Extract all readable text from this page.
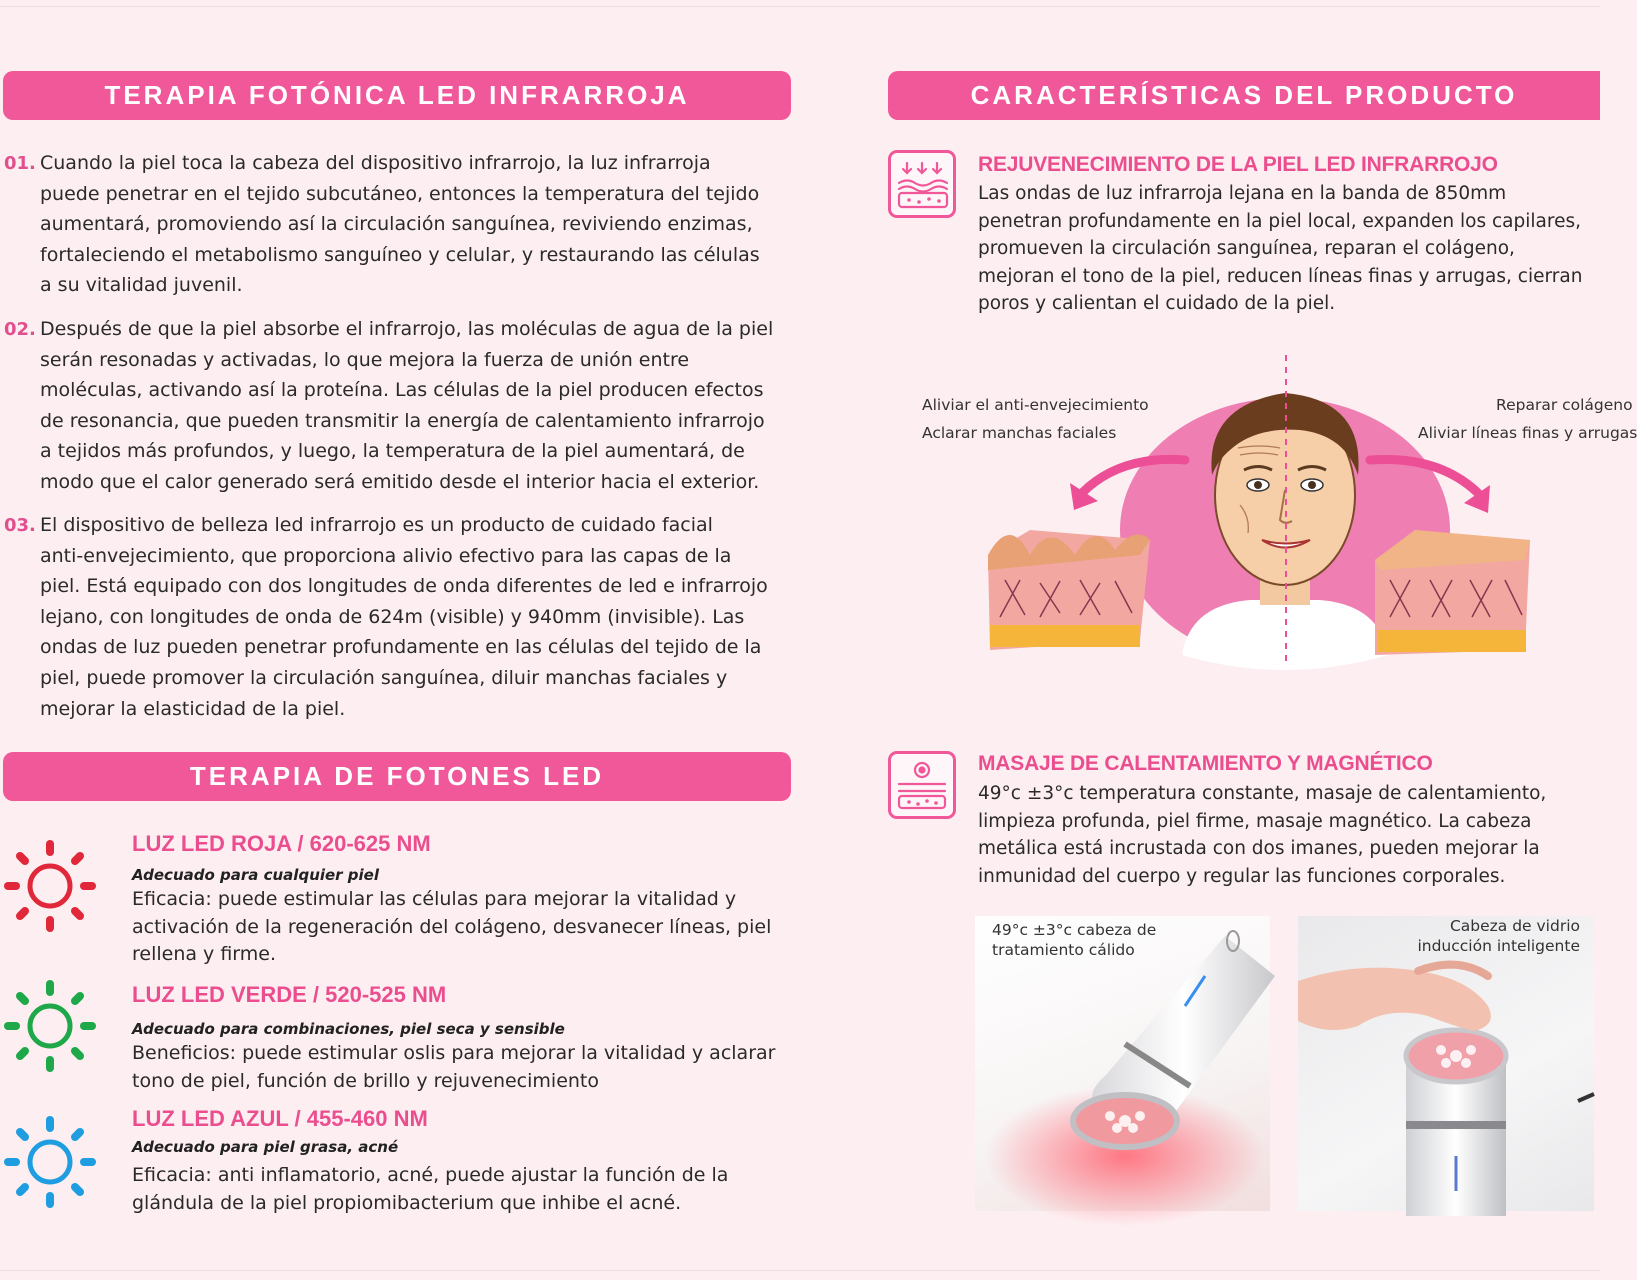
TERAPIA FOTÓNICA LED INFRARROJA
01. Cuando la piel toca la cabeza del dispositivo infrarrojo, la luz infrarroja
puede penetrar en el tejido subcutáneo, entonces la temperatura del tejido
aumentará, promoviendo así la circulación sanguínea, reviviendo enzimas,
fortaleciendo el metabolismo sanguíneo y celular, y restaurando las células
a su vitalidad juvenil.
02. Después de que la piel absorbe el infrarrojo, las moléculas de agua de la piel
serán resonadas y activadas, lo que mejora la fuerza de unión entre
moléculas, activando así la proteína. Las células de la piel producen efectos
de resonancia, que pueden transmitir la energía de calentamiento infrarrojo
a tejidos más profundos, y luego, la temperatura de la piel aumentará, de
modo que el calor generado será emitido desde el interior hacia el exterior.
03. El dispositivo de belleza led infrarrojo es un producto de cuidado facial
anti-envejecimiento, que proporciona alivio efectivo para las capas de la
piel. Está equipado con dos longitudes de onda diferentes de led e infrarrojo
lejano, con longitudes de onda de 624m (visible) y 940mm (invisible). Las
ondas de luz pueden penetrar profundamente en las células del tejido de la
piel, puede promover la circulación sanguínea, diluir manchas faciales y
mejorar la elasticidad de la piel.
TERAPIA DE FOTONES LED
LUZ LED ROJA / 620-625 NM
Adecuado para cualquier piel
Eficacia: puede estimular las células para mejorar la vitalidad y
activación de la regeneración del colágeno, desvanecer líneas, piel
rellena y firme.
LUZ LED VERDE / 520-525 NM
Adecuado para combinaciones, piel seca y sensible
Beneficios: puede estimular oslis para mejorar la vitalidad y aclarar
tono de piel, función de brillo y rejuvenecimiento
LUZ LED AZUL / 455-460 NM
Adecuado para piel grasa, acné
Eficacia: anti inflamatorio, acné, puede ajustar la función de la
glándula de la piel propiomibacterium que inhibe el acné.
CARACTERÍSTICAS DEL PRODUCTO
REJUVENECIMIENTO DE LA PIEL LED INFRARROJO
Las ondas de luz infrarroja lejana en la banda de 850mm
penetran profundamente en la piel local, expanden los capilares,
promueven la circulación sanguínea, reparan el colágeno,
mejoran el tono de la piel, reducen líneas finas y arrugas, cierran
poros y calientan el cuidado de la piel.
Aliviar el anti-envejecimiento
Aclarar manchas faciales
Reparar colágeno
Aliviar líneas finas y arrugas
MASAJE DE CALENTAMIENTO Y MAGNÉTICO
49°c ±3°c temperatura constante, masaje de calentamiento,
limpieza profunda, piel firme, masaje magnético. La cabeza
metálica está incrustada con dos imanes, pueden mejorar la
inmunidad del cuerpo y regular las funciones corporales.
49°c ±3°c cabeza de
tratamiento cálido
Cabeza de vidrio
inducción inteligente
